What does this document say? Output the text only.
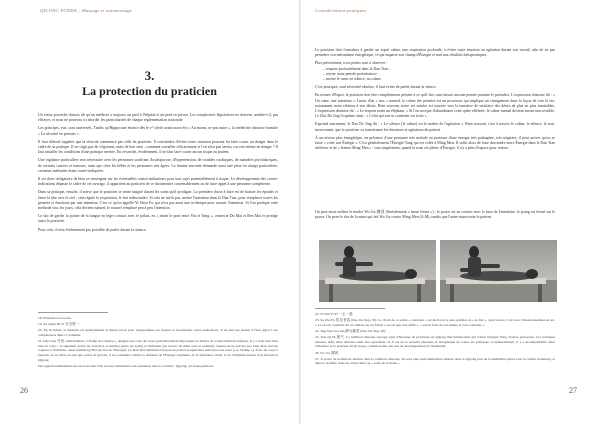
QIGONG FONDA – Massage et automassage
3.
La protection du praticien

Un vieux proverbe chinois dit qu'un médecin a toujours un pied à l'hôpital et un pied en prison. Les complexités législatives ne doivent, semble-t-il, pas effrayer, et nous ne pouvons ici aborder les particularités de chaque réglementation nationale.

Les principes, eux, sont universels. Tandis qu'Hippocrate énonce dès le v° siècle avant notre ère « Au moins, ne pas nuire », la médecine chinoise formule « La sécurité en premier ».

Il faut d'abord rappeler que la sécurité commence par celle du praticien. Il conviendra d'éviter toute situation pouvant lui faire courir un danger dans le cadre de sa pratique. Il ne s'agit pas de s'égoïsme, mais de bon sens : comment travailler efficacement si l'on n'est pas serein, car eux-même en danger ? Il faut installer les conditions d'une pratique sereine. En revanche, évidemment, il ne faut faire courir aucun risque au patient.

Une vigilance particulière sera nécessaire avec les personnes souffrant d'ostéoporose, d'hypertension, de troubles cardiaques, de maladies psychiatriques, de certains cancers et tumeurs, ainsi que chez les bébés et les personnes très âgées. La femme enceinte demande aussi une prise en charge particulière, certaines méthodes étant contre-indiquées.

Il est donc obligatoire de bien se renseigner sur les éventuelles contre-indications pour tout sujet potentiellement à risque. Le développement des contre-indications dépasse le cadre de cet ouvrage, il appartient au praticien de se documenter convenablement ou de faire appel à une personne compétente.

Dans sa pratique, ensuite, il arrive que le praticien se sente fatigué durant les soins qu'il prodigue. La première chose à faire est de baisser les épaules et étirer la tête vers le ciel : cela régule la respiration, le fait redescendre. Si cela ne suffit pas, mettre l'intention dans le Dan Tian, pour remplacer toutes les pensées et émotions par une intention. C'est ce qu'on appelle Yi Shou Fa, qui n'est pas aussi une technique pour nourrir l'intention. Si l'on pratique cette méthode tous les jours, cela devient naturel, le naturel remplace peu à peu l'intention.

Le fait de garder la pointe de la langue en léger contact avec le palais, en « jetant le pont entre Yin et Yang », connecte Du Mai et Ren Mai et protège aussi le praticien.

Pour cela, il n'est évidemment pas possible de parler durant la séance.

18. Primum non nocere.

19. An Quan Di Yi 安全第一.

20. En Occident, le médecin est généralement le mieux placé pour diagnostiquer les risques et éventuelles contre-indications. Il ne faut pas hésiter à faire appel à ses compétences dans ce domaine.

21. Dan Tian 丹田, littéralement « Champ de Cinabre », désigne une zone du corps particulièrement importante en termes de transformations internes. Il y a trois Dan Tian dans le corps : le supérieur (entre les sourcils), le médian (entre les seins) et l'inférieur (un travers de main sous le nombril). Quand on ne précise pas, Dan Tian renvoie toujours à l'inférieur, aussi nommé Qi Hai (Océan de l'Énergie). Le Dan Tian inférieur n'est pas un point d'acupuncture mais bien une zone (« le Champ »). Zone du corps à laquelle on se réfère en tant que centre de gravité, il est considéré comme la demeure de l'Énergie originelle, de la Substance vitale, et de l'alchimie interne d'où découle le Qigong.

Des approfondissements sur les trois Dan Tian et leurs utilisations sont présentés dans le volume : Qigong, art d'autoguérison.

26
Considérations pratiques

Le praticien doit s'entraîner à garder un esprit calme, une respiration profonde, à éviter toute émotion ou agitation durant son travail, afin de ne pas perturber son mécanisme énergétique, ce qui impacte son champ d'Énergie et nuit aux résultats thérapeutiques.

Plus précisément, trois points sont à observer :

– respirer profondément dans le Dan Tian ;

– rejeter toute pensée perturbatrice ;

– mettre le cœur en silence, au calme.

C'est pourquoi, sauf nécessité absolue, il faut éviter de parler durant la séance.

En termes d'Esprit, le praticien doit être complètement présent à ce qu'il fait, sans laisser aucune pensée parasite le perturber. L'expression chinoise dit : « Un cœur, une intention ». Lutter d'un « truc » mental, le calme des pensées est un processus qui implique un changement dans la façon de voir la vie, notamment notre relation à nos désirs. Bien souvent, notre vie entière est tournée vers la tentative de satisfaire des désirs de plus en plus insatiables. L'expression chinoise dit : « Le serpent avale un éléphant. » Si l'on accepte d'abandonner cette quête effrénée, le calme mental devient moins inaccessible. Le Dao De Jing l'exprime ainsi : « Celui qui sait se contenter est riche ».

Exprimé autrement, le Dao De Jing dit : « Le silence (le calme) est le maître de l'agitation ». Bien souvent, c'est à travers le calme, le silence, le non-mouvement, que le praticien va transformer les émotions et agitations du patient.

À un niveau plus énergétique, en présence d'une personne très malade ou porteuse d'une énergie très pathogène, très négative, il peut arriver qu'on se fasse « voler son Énergie ». C'est généralement l'Énergie Yang qui est volée à Ming Men. Il suffit alors de faire descendre notre Énergie dans le Dan Tian inférieur et de « fermer Ming Men » : tout simplement, quand la zone est pleine d'Énergie, il n'y a plus d'espace pour rentrer.

On peut aussi utiliser le mudra Wo Gu 握固 (littéralement « tenue ferme ») : le pouce est en contact avec la base de l'annulaire, le poing est fermé sur le pouce. On pose le dos de la main qui fait Wo Gu contre Ming Men (A.M), tandis que l'autre main traite le patient.

22. Yi Xin Yi Yi 一心一意.

23. Su Zhe Fu 知足者富 (Dao De Jing, 33). Le choix de ce terme « contenter » est dicté par le sens premier de « se fier », qui n'a rien à voir avec l'abandonnement de soi. « Le savoir contenter dit en chinois est est fallait » savoir que cela suffit », « savoir faire de son mieux et s'en contenter ».

24. Jing Wei Zao Jun 静为躁君 (Dao De Jing, 26).

25. Xue Qi Di 泄气. La tradition chinoise regorge aussi d'histoires de praticiens en Qigong mal intentionnés qui volent l'énergie Yang d'autres personnes. Ces pratiques existent, mais elles relèvent aussi des regardants car il est de la sécurité physique et énergétique de toutes les pratiques. Continuellement, il y a incompatibilité entre l'intention et la pratique du Qi Gong, condition sine qua non au développement de l'humanité.

26. Wo Gu 握固.

27. À écrire de nombreux mudras dans la tradition chinoise. Ils sont plus particulièrement utilisés dans le Qigong issu du bouddhisme (aussi sous la culture indienne), et dans le taoïsme, dans un cadre rituel ou « soins de la main ».

27
